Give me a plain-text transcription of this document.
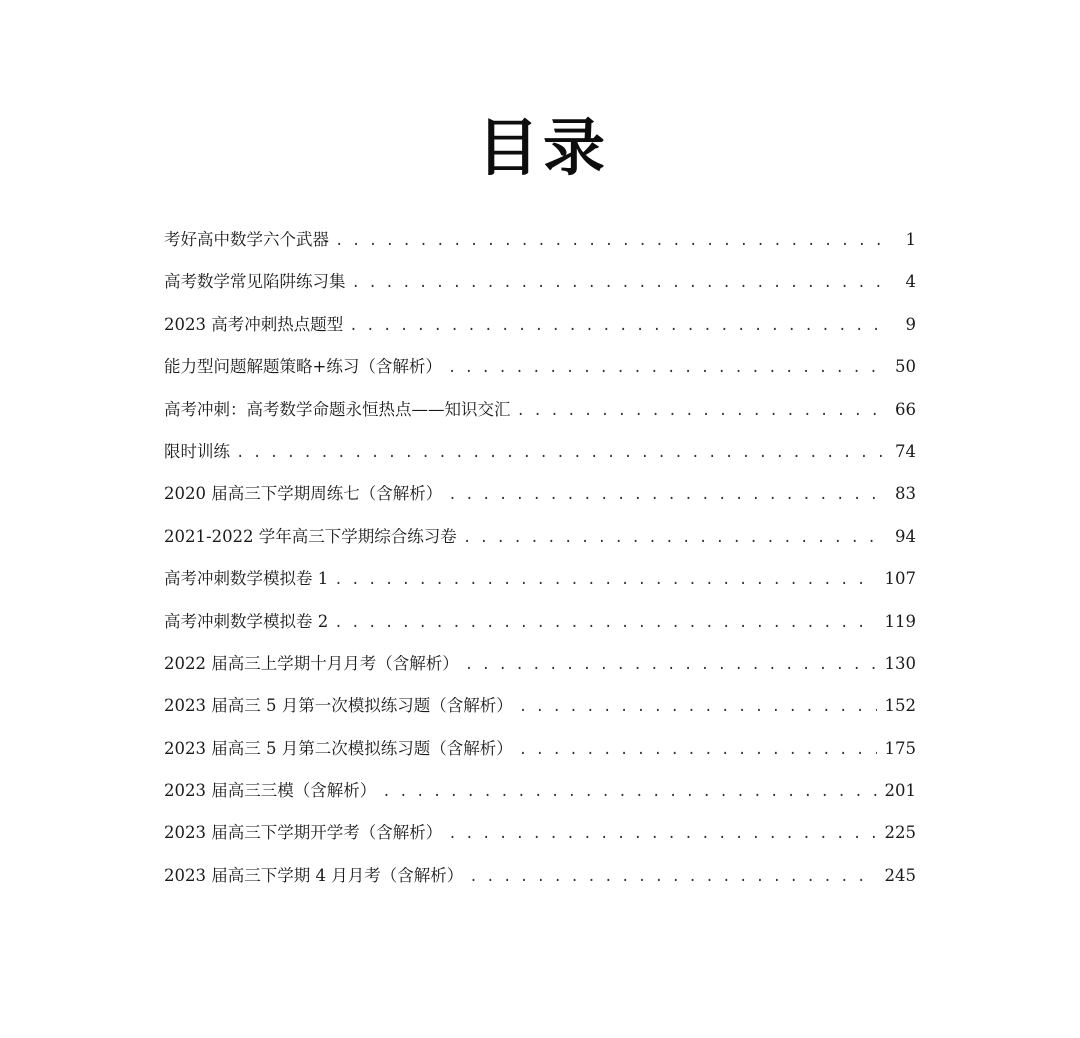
目录
考好高中数学六个武器 . . .	1
高考数学常见陷阱练习集 . . .	4
2023 高考冲刺热点题型 . . .	9
能力型问题解题策略+练习（含解析） . . .	50
高考冲刺：高考数学命题永恒热点——知识交汇 . . .	66
限时训练 . . .	74
2020 届高三下学期周练七（含解析） . . .	83
2021-2022 学年高三下学期综合练习卷 . . .	94
高考冲刺数学模拟卷 1 . . .	107
高考冲刺数学模拟卷 2 . . .	119
2022 届高三上学期十月月考（含解析） . . .	130
2023 届高三 5 月第一次模拟练习题（含解析） . . .	152
2023 届高三 5 月第二次模拟练习题（含解析） . . .	175
2023 届高三三模（含解析） . . .	201
2023 届高三下学期开学考（含解析） . . .	225
2023 届高三下学期 4 月月考（含解析） . . .	245
